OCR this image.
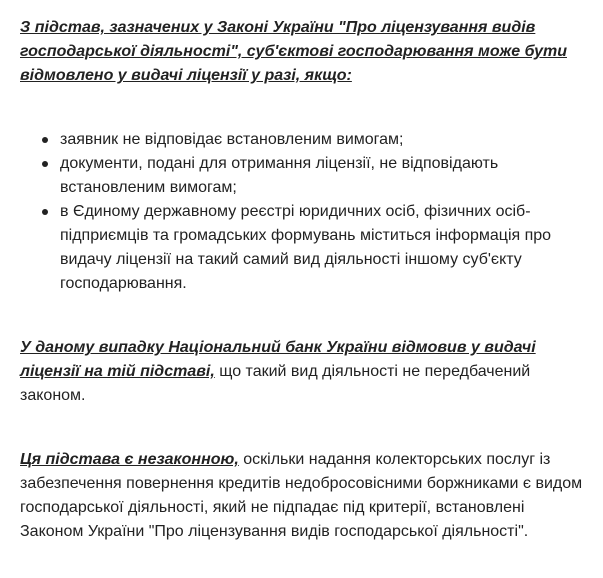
З підстав, зазначених у Законі України "Про ліцензування видів господарської діяльності", суб'єктові господарювання може бути відмовлено у видачі ліцензії у разі, якщо:

заявник не відповідає встановленим вимогам;
документи, подані для отримання ліцензії, не відповідають встановленим вимогам;
в Єдиному державному реєстрі юридичних осіб, фізичних осіб-підприємців та громадських формувань міститься інформація про видачу ліцензії на такий самий вид діяльності іншому суб'єкту господарювання.

У даному випадку Національний банк України відмовив у видачі ліцензії на тій підставі, що такий вид діяльності не передбачений законом.

Ця підстава є незаконною, оскільки надання колекторських послуг із забезпечення повернення кредитів недобросовісними боржниками є видом господарської діяльності, який не підпадає під критерії, встановлені Законом України "Про ліцензування видів господарської діяльності".
